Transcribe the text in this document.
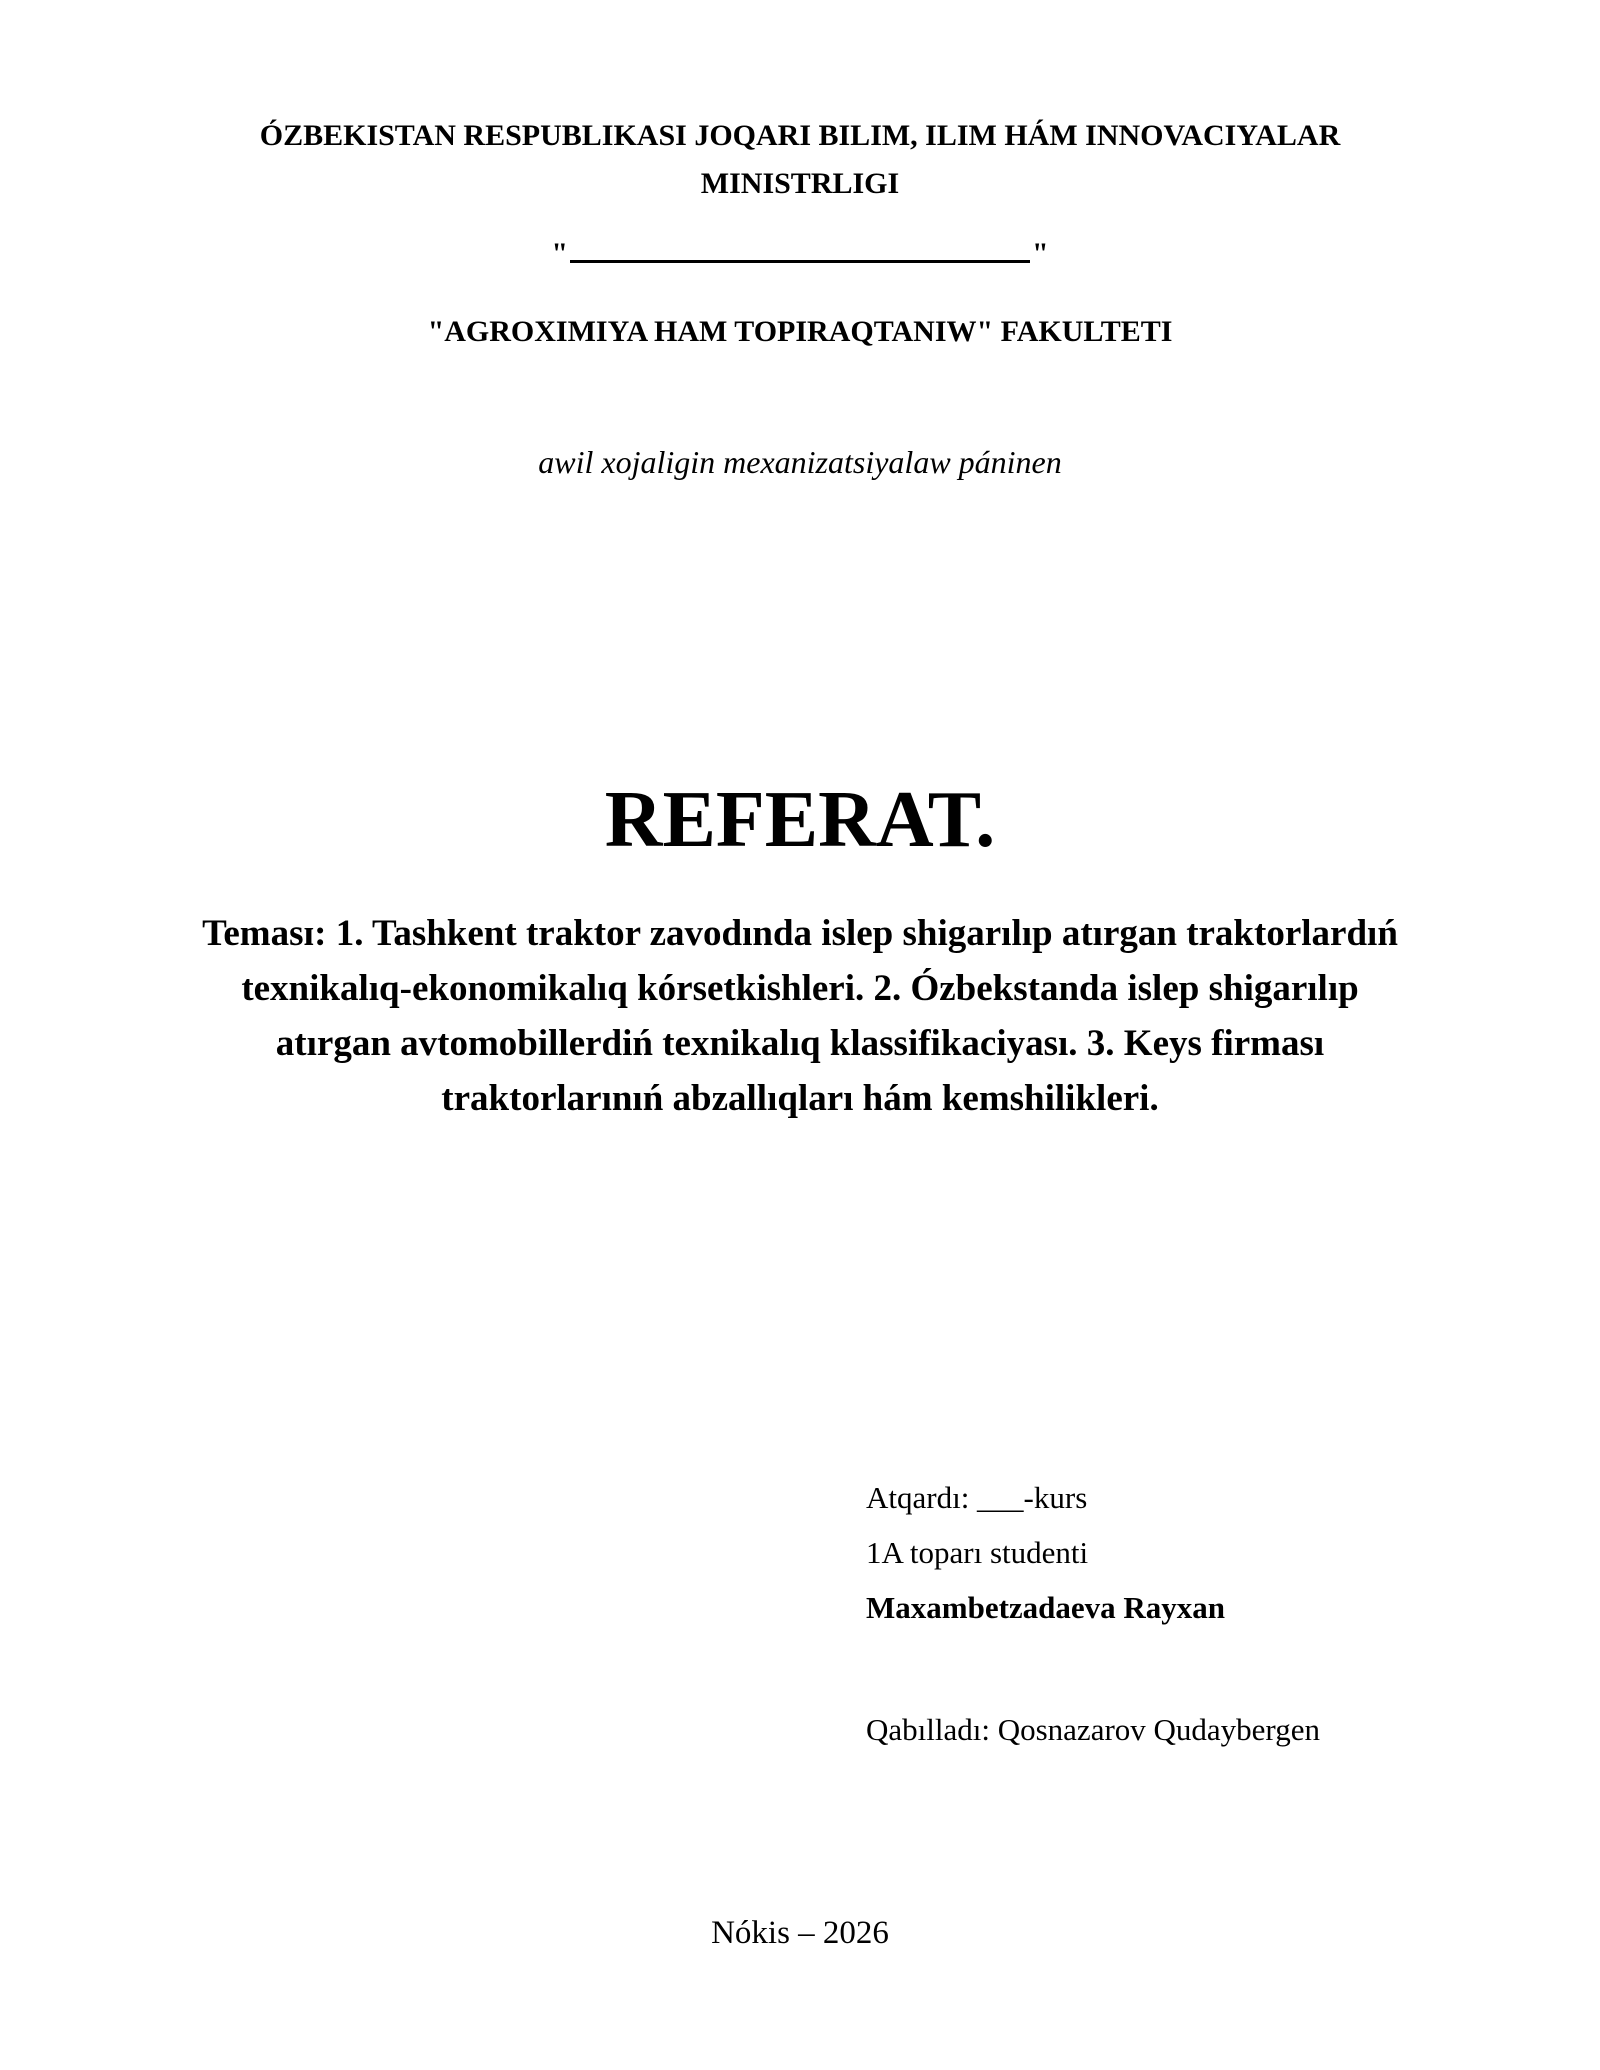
ÓZBEKISTAN RESPUBLIKASI JOQARI BILIM, ILIM HÁM INNOVACIYALAR
MINISTRLIGI
"	"
"AGROXIMIYA HAM TOPIRAQTANIW" FAKULTETI
awil xojaligin mexanizatsiyalaw páninen
REFERAT.
Temasɪ: 1. Tashkent traktor zavodında islep shigarılıp atırgan traktorlardıń
texnikalıq-ekonomikalıq kórsetkishleri. 2. Ózbekstanda islep shigarılıp
atırgan avtomobillerdiń texnikalıq klassifikaciyası. 3. Keys firması
traktorlarınıń abzallıqları hám kemshilikleri.
Atqardı: ___-kurs
1A toparı studenti
Maxambetzadaeva Rayxan
Qabılladı: Qosnazarov Qudaybergen
Nókis – 2026
